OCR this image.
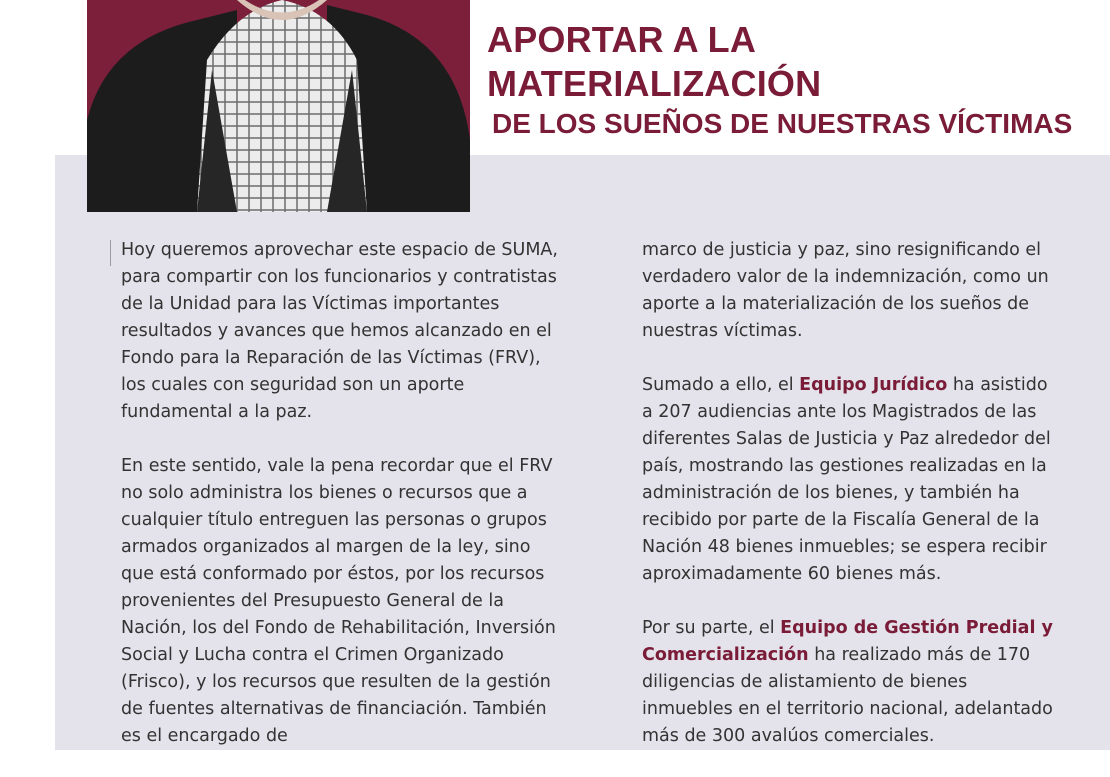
APORTAR A LA MATERIALIZACIÓN
DE LOS SUEÑOS DE NUESTRAS VÍCTIMAS

Hoy queremos aprovechar este espacio de SUMA, para compartir con los funcionarios y contratistas de la Unidad para las Víctimas importantes resultados y avances que hemos alcanzado en el Fondo para la Reparación de las Víctimas (FRV), los cuales con seguridad son un aporte fundamental a la paz.

En este sentido, vale la pena recordar que el FRV no solo administra los bienes o recursos que a cualquier título entreguen las personas o grupos armados organizados al margen de la ley, sino que está conformado por éstos, por los recursos provenientes del Presupuesto General de la Nación, los del Fondo de Rehabilitación, Inversión Social y Lucha contra el Crimen Organizado (Frisco), y los recursos que resulten de la gestión de fuentes alternativas de financiación. También es el encargado de

marco de justicia y paz, sino resignificando el verdadero valor de la indemnización, como un aporte a la materialización de los sueños de nuestras víctimas.

Sumado a ello, el Equipo Jurídico ha asistido a 207 audiencias ante los Magistrados de las diferentes Salas de Justicia y Paz alrededor del país, mostrando las gestiones realizadas en la administración de los bienes, y también ha recibido por parte de la Fiscalía General de la Nación 48 bienes inmuebles; se espera recibir aproximadamente 60 bienes más.

Por su parte, el Equipo de Gestión Predial y Comercialización ha realizado más de 170 diligencias de alistamiento de bienes inmuebles en el territorio nacional, adelantado más de 300 avalúos comerciales.
